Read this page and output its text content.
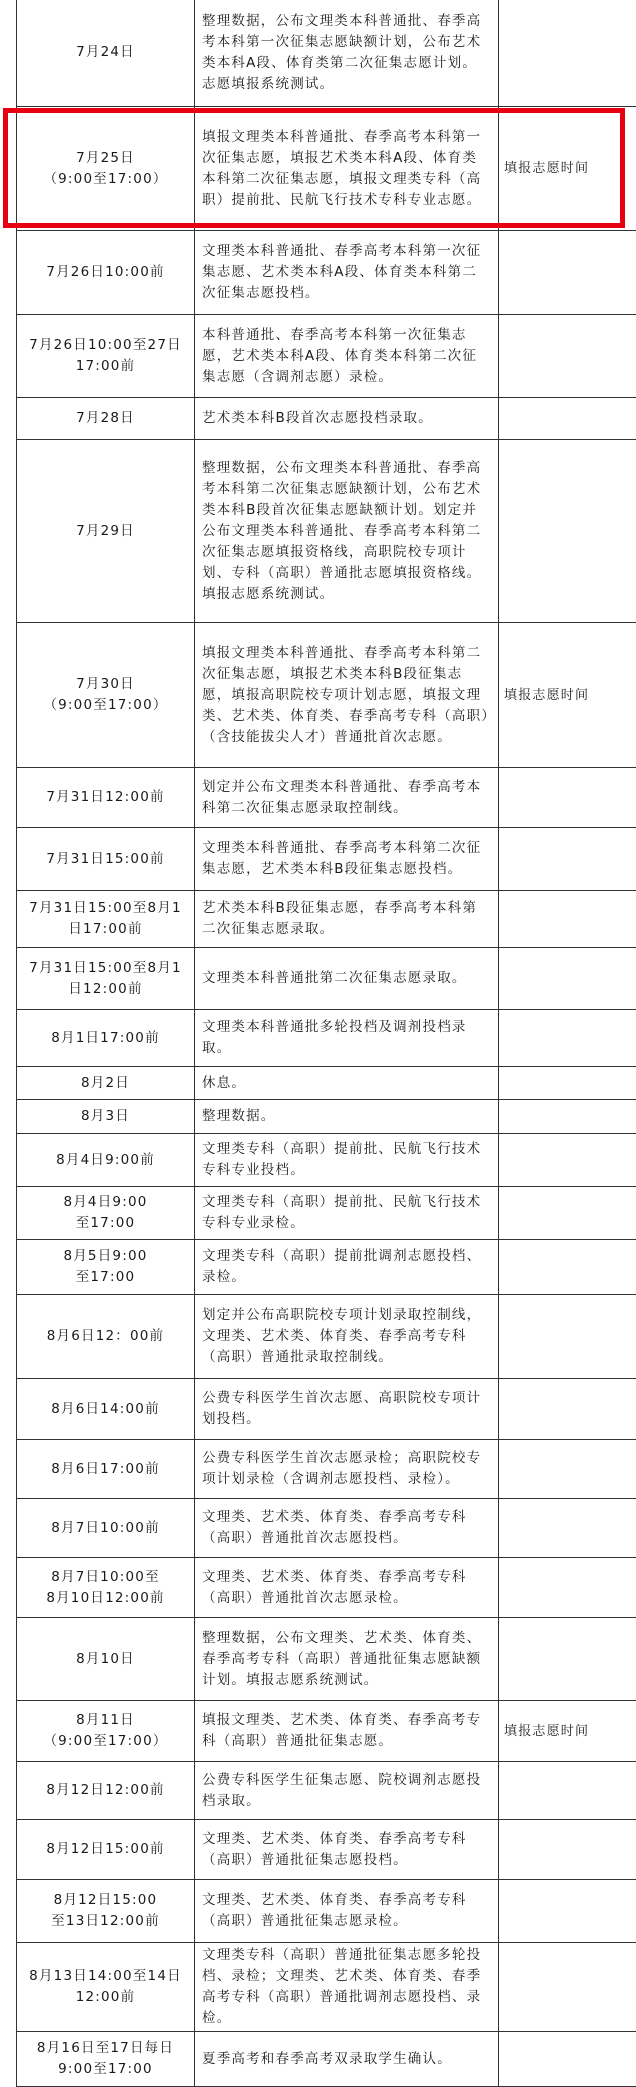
7月24日	整理数据，公布文理类本科普通批、春季高考本科第一次征集志愿缺额计划，公布艺术类本科A段、体育类第二次征集志愿计划。志愿填报系统测试。	
7月25日
（9:00至17:00）	填报文理类本科普通批、春季高考本科第一次征集志愿，填报艺术类本科A段、体育类本科第二次征集志愿，填报文理类专科（高职）提前批、民航飞行技术专科专业志愿。	填报志愿时间
7月26日10:00前	文理类本科普通批、春季高考本科第一次征集志愿、艺术类本科A段、体育类本科第二次征集志愿投档。	
7月26日10:00至27日17:00前	本科普通批、春季高考本科第一次征集志愿，艺术类本科A段、体育类本科第二次征集志愿（含调剂志愿）录检。	
7月28日	艺术类本科B段首次志愿投档录取。	
7月29日	整理数据，公布文理类本科普通批、春季高考本科第二次征集志愿缺额计划，公布艺术类本科B段首次征集志愿缺额计划。划定并公布文理类本科普通批、春季高考本科第二次征集志愿填报资格线，高职院校专项计划、专科（高职）普通批志愿填报资格线。填报志愿系统测试。	
7月30日
（9:00至17:00）	填报文理类本科普通批、春季高考本科第二次征集志愿，填报艺术类本科B段征集志愿，填报高职院校专项计划志愿，填报文理类、艺术类、体育类、春季高考专科（高职）（含技能拔尖人才）普通批首次志愿。	填报志愿时间
7月31日12:00前	划定并公布文理类本科普通批、春季高考本科第二次征集志愿录取控制线。	
7月31日15:00前	文理类本科普通批、春季高考本科第二次征集志愿，艺术类本科B段征集志愿投档。	
7月31日15:00至8月1日17:00前	艺术类本科B段征集志愿，春季高考本科第二次征集志愿录取。	
7月31日15:00至8月1日12:00前	文理类本科普通批第二次征集志愿录取。	
8月1日17:00前	文理类本科普通批多轮投档及调剂投档录取。	
8月2日	休息。	
8月3日	整理数据。	
8月4日9:00前	文理类专科（高职）提前批、民航飞行技术专科专业投档。	
8月4日9:00
至17:00	文理类专科（高职）提前批、民航飞行技术专科专业录检。	
8月5日9:00
至17:00	文理类专科（高职）提前批调剂志愿投档、录检。	
8月6日12：00前	划定并公布高职院校专项计划录取控制线，文理类、艺术类、体育类、春季高考专科（高职）普通批录取控制线。	
8月6日14:00前	公费专科医学生首次志愿、高职院校专项计划投档。	
8月6日17:00前	公费专科医学生首次志愿录检；高职院校专项计划录检（含调剂志愿投档、录检）。	
8月7日10:00前	文理类、艺术类、体育类、春季高考专科（高职）普通批首次志愿投档。	
8月7日10:00至
8月10日12:00前	文理类、艺术类、体育类、春季高考专科（高职）普通批首次志愿录检。	
8月10日	整理数据，公布文理类、艺术类、体育类、春季高考专科（高职）普通批征集志愿缺额计划。填报志愿系统测试。	
8月11日
（9:00至17:00）	填报文理类、艺术类、体育类、春季高考专科（高职）普通批征集志愿。	填报志愿时间
8月12日12:00前	公费专科医学生征集志愿、院校调剂志愿投档录取。	
8月12日15:00前	文理类、艺术类、体育类、春季高考专科（高职）普通批征集志愿投档。	
8月12日15:00
至13日12:00前	文理类、艺术类、体育类、春季高考专科（高职）普通批征集志愿录检。	
8月13日14:00至14日12:00前	文理类专科（高职）普通批征集志愿多轮投档、录检；文理类、艺术类、体育类、春季高考专科（高职）普通批调剂志愿投档、录检。	
8月16日至17日每日
9:00至17:00	夏季高考和春季高考双录取学生确认。	
